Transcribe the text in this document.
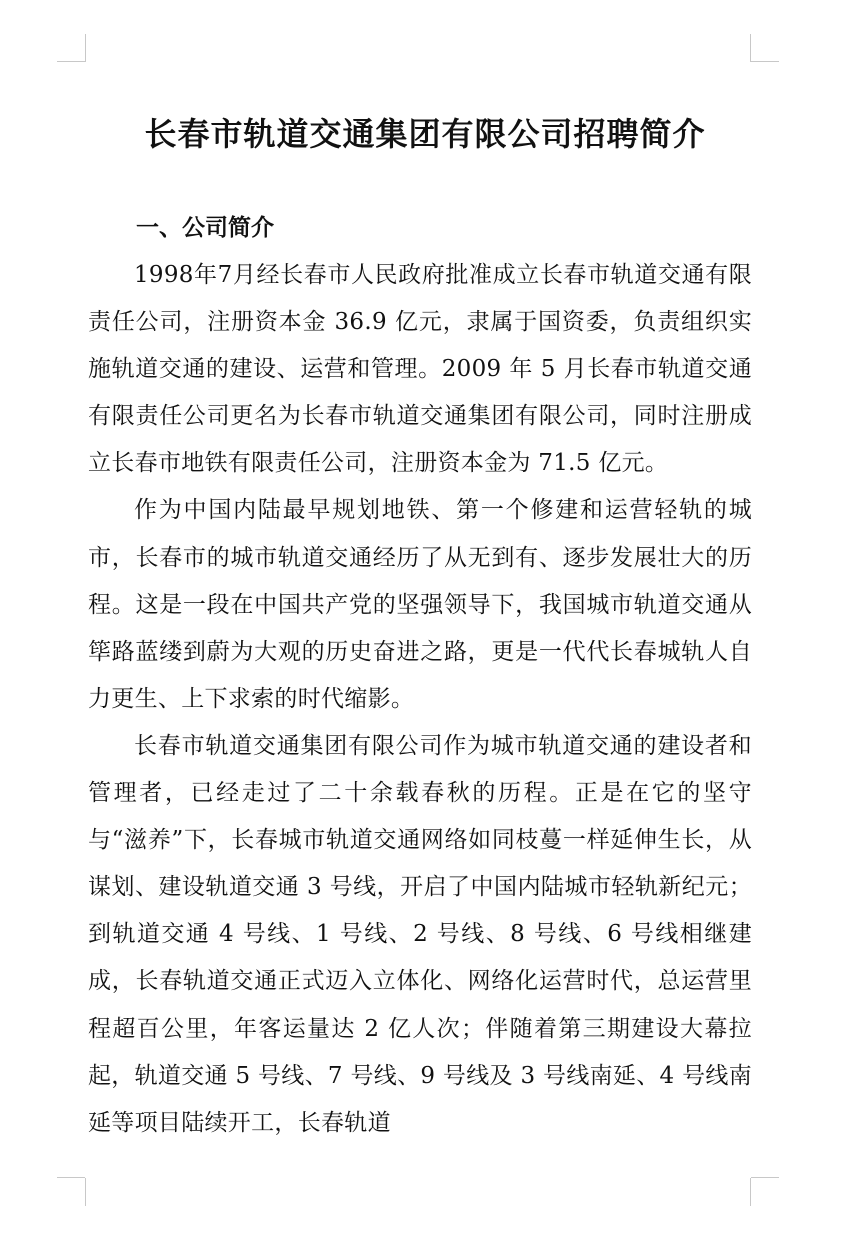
长春市轨道交通集团有限公司招聘简介
一、公司简介

1998年7月经长春市人民政府批准成立长春市轨道交通有限责任公司，注册资本金 36.9 亿元，隶属于国资委，负责组织实施轨道交通的建设、运营和管理。2009 年 5 月长春市轨道交通有限责任公司更名为长春市轨道交通集团有限公司，同时注册成立长春市地铁有限责任公司，注册资本金为 71.5 亿元。

作为中国内陆最早规划地铁、第一个修建和运营轻轨的城市，长春市的城市轨道交通经历了从无到有、逐步发展壮大的历程。这是一段在中国共产党的坚强领导下，我国城市轨道交通从筚路蓝缕到蔚为大观的历史奋进之路，更是一代代长春城轨人自力更生、上下求索的时代缩影。

长春市轨道交通集团有限公司作为城市轨道交通的建设者和管理者，已经走过了二十余载春秋的历程。正是在它的坚守与“滋养”下，长春城市轨道交通网络如同枝蔓一样延伸生长，从谋划、建设轨道交通 3 号线，开启了中国内陆城市轻轨新纪元；到轨道交通 4 号线、1 号线、2 号线、8 号线、6 号线相继建成，长春轨道交通正式迈入立体化、网络化运营时代，总运营里程超百公里，年客运量达 2 亿人次；伴随着第三期建设大幕拉起，轨道交通 5 号线、7 号线、9 号线及 3 号线南延、4 号线南延等项目陆续开工，长春轨道
